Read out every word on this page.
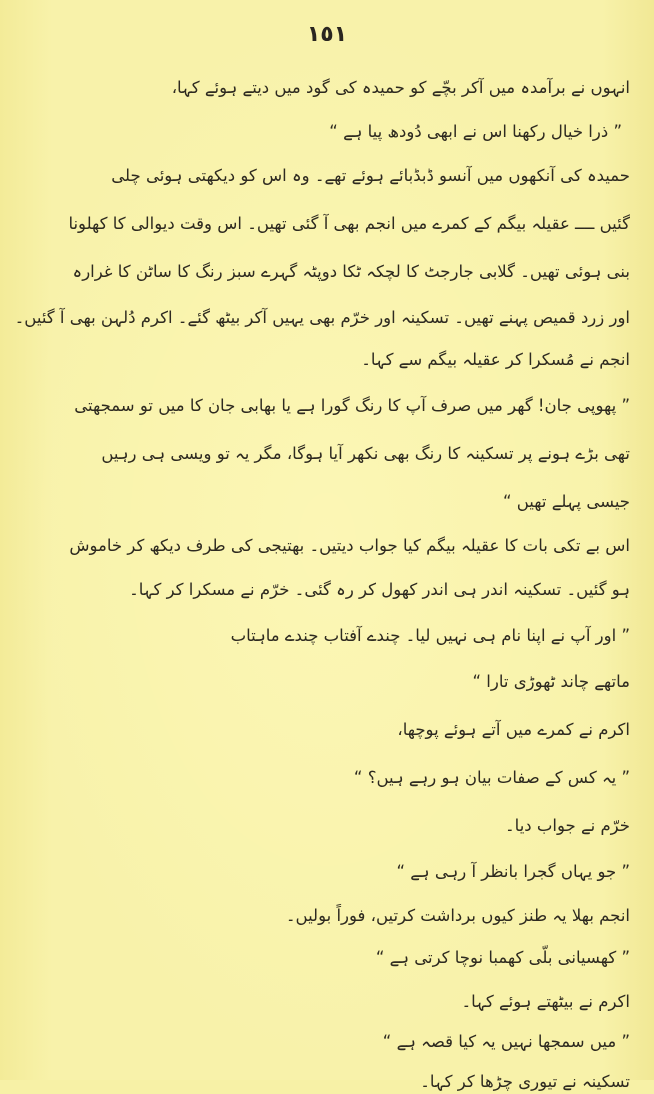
١٥١
انہوں نے برآمدہ میں آکر بچّے کو حمیدہ کی گود میں دیتے ہوئے کہا،
” ذرا خیال رکھنا اس نے ابھی دُودھ پیا ہے “
حمیدہ کی آنکھوں میں آنسو ڈبڈبائے ہوئے تھے۔ وہ اس کو دیکھتی ہوئی چلی
گئیں ــــ عقیلہ بیگم کے کمرے میں انجم بھی آ گئی تھیں۔ اس وقت دیوالی کا کھلونا
بنی ہوئی تھیں۔ گلابی جارجٹ کا لچکہ ٹکا دوپٹہ گہرے سبز رنگ کا ساٹن کا غرارہ
اور زرد قمیص پہنے تھیں۔ تسکینہ اور خرّم بھی یہیں آکر بیٹھ گئے۔ اکرم دُلہن بھی آ گئیں۔
انجم نے مُسکرا کر عقیلہ بیگم سے کہا۔
” پھوپی جان! گھر میں صرف آپ کا رنگ گورا ہے یا بھابی جان کا میں تو سمجھتی
تھی بڑے ہونے پر تسکینہ کا رنگ بھی نکھر آیا ہوگا، مگر یہ تو ویسی ہی رہیں
جیسی پہلے تھیں “
اس بے تکی بات کا عقیلہ بیگم کیا جواب دیتیں۔ بھتیجی کی طرف دیکھ کر خاموش
ہو گئیں۔ تسکینہ اندر ہی اندر کھول کر رہ گئی۔ خرّم نے مسکرا کر کہا۔
” اور آپ نے اپنا نام ہی نہیں لیا۔ چندے آفتاب چندے ماہتاب
ماتھے چاند ٹھوڑی تارا “
اکرم نے کمرے میں آتے ہوئے پوچھا،
” یہ کس کے صفات بیان ہو رہے ہیں؟ “
خرّم نے جواب دیا۔
” جو یہاں گجرا بانظر آ رہی ہے “
انجم بھلا یہ طنز کیوں برداشت کرتیں، فوراً بولیں۔
” کھسیانی بلّی کھمبا نوچا کرتی ہے “
اکرم نے بیٹھتے ہوئے کہا۔
” میں سمجھا نہیں یہ کیا قصہ ہے “
تسکینہ نے تیوری چڑھا کر کہا۔
